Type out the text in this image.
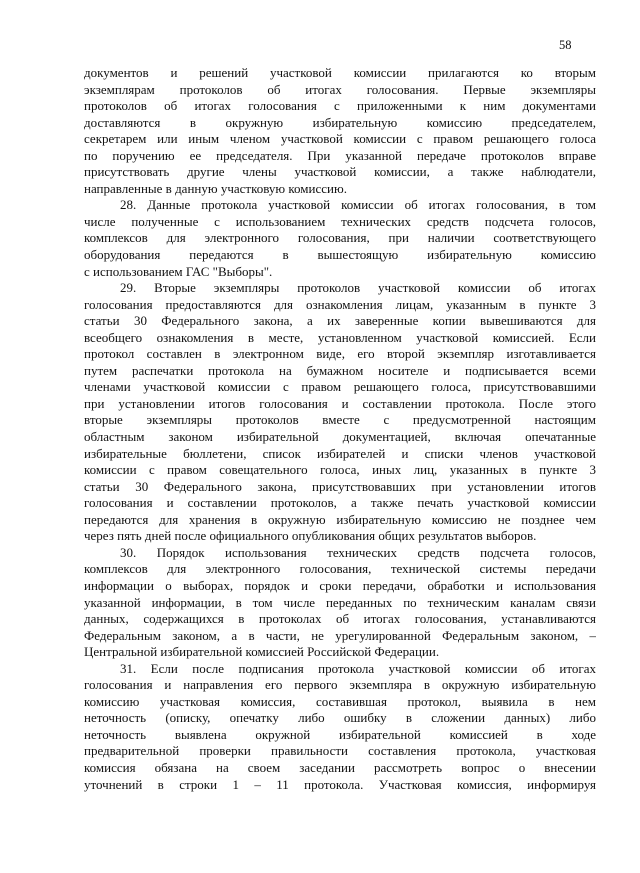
58

документов и решений участковой комиссии прилагаются ко вторым

экземплярам протоколов об итогах голосования. Первые экземпляры

протоколов об итогах голосования с приложенными к ним документами

доставляются в окружную избирательную комиссию председателем,

секретарем или иным членом участковой комиссии с правом решающего голоса

по поручению ее председателя. При указанной передаче протоколов вправе

присутствовать другие члены участковой комиссии, а также наблюдатели,

направленные в данную участковую комиссию.

28. Данные протокола участковой комиссии об итогах голосования, в том

числе полученные с использованием технических средств подсчета голосов,

комплексов для электронного голосования, при наличии соответствующего

оборудования передаются в вышестоящую избирательную комиссию

с использованием ГАС "Выборы".

29. Вторые экземпляры протоколов участковой комиссии об итогах

голосования предоставляются для ознакомления лицам, указанным в пункте 3

статьи 30 Федерального закона, а их заверенные копии вывешиваются для

всеобщего ознакомления в месте, установленном участковой комиссией. Если

протокол составлен в электронном виде, его второй экземпляр изготавливается

путем распечатки протокола на бумажном носителе и подписывается всеми

членами участковой комиссии с правом решающего голоса, присутствовавшими

при установлении итогов голосования и составлении протокола. После этого

вторые экземпляры протоколов вместе с предусмотренной настоящим

областным законом избирательной документацией, включая опечатанные

избирательные бюллетени, список избирателей и списки членов участковой

комиссии с правом совещательного голоса, иных лиц, указанных в пункте 3

статьи 30 Федерального закона, присутствовавших при установлении итогов

голосования и составлении протоколов, а также печать участковой комиссии

передаются для хранения в окружную избирательную комиссию не позднее чем

через пять дней после официального опубликования общих результатов выборов.

30. Порядок использования технических средств подсчета голосов,

комплексов для электронного голосования, технической системы передачи

информации о выборах, порядок и сроки передачи, обработки и использования

указанной информации, в том числе переданных по техническим каналам связи

данных, содержащихся в протоколах об итогах голосования, устанавливаются

Федеральным законом, а в части, не урегулированной Федеральным законом, –

Центральной избирательной комиссией Российской Федерации.

31. Если после подписания протокола участковой комиссии об итогах

голосования и направления его первого экземпляра в окружную избирательную

комиссию участковая комиссия, составившая протокол, выявила в нем

неточность (описку, опечатку либо ошибку в сложении данных) либо

неточность выявлена окружной избирательной комиссией в ходе

предварительной проверки правильности составления протокола, участковая

комиссия обязана на своем заседании рассмотреть вопрос о внесении

уточнений в строки 1 – 11 протокола. Участковая комиссия, информируя
